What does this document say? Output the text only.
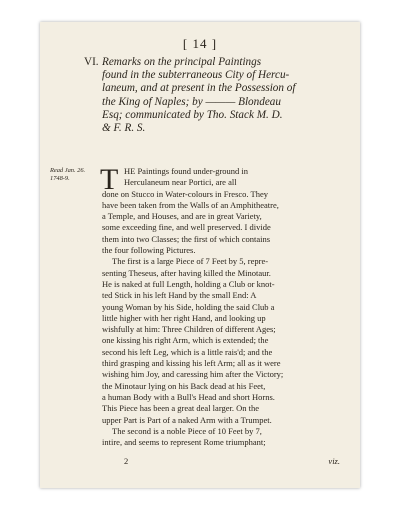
[ 14 ]
VI. Remarks on the principal Paintings
found in the subterraneous City of Hercu-
laneum, and at present in the Possession of
the King of Naples; by ——— Blondeau
Esq; communicated by Tho. Stack M. D.
& F. R. S.
Read Jan. 26.
1748-9.	T HE Paintings found under-ground in
Herculaneum near Portici, are all
done on Stucco in Water-colours in Fresco. They
have been taken from the Walls of an Amphitheatre,
a Temple, and Houses, and are in great Variety,
some exceeding fine, and well preserved. I divide
them into two Classes; the first of which contains
the four following Pictures.
The first is a large Piece of 7 Feet by 5, repre-
senting Theseus, after having killed the Minotaur.
He is naked at full Length, holding a Club or knot-
ted Stick in his left Hand by the small End: A
young Woman by his Side, holding the said Club a
little higher with her right Hand, and looking up
wishfully at him: Three Children of different Ages;
one kissing his right Arm, which is extended; the
second his left Leg, which is a little rais'd; and the
third grasping and kissing his left Arm; all as it were
wishing him Joy, and caressing him after the Victory;
the Minotaur lying on his Back dead at his Feet,
a human Body with a Bull's Head and short Horns.
This Piece has been a great deal larger. On the
upper Part is Part of a naked Arm with a Trumpet.
The second is a noble Piece of 10 Feet by 7,
intire, and seems to represent Rome triumphant;
2	viz.
